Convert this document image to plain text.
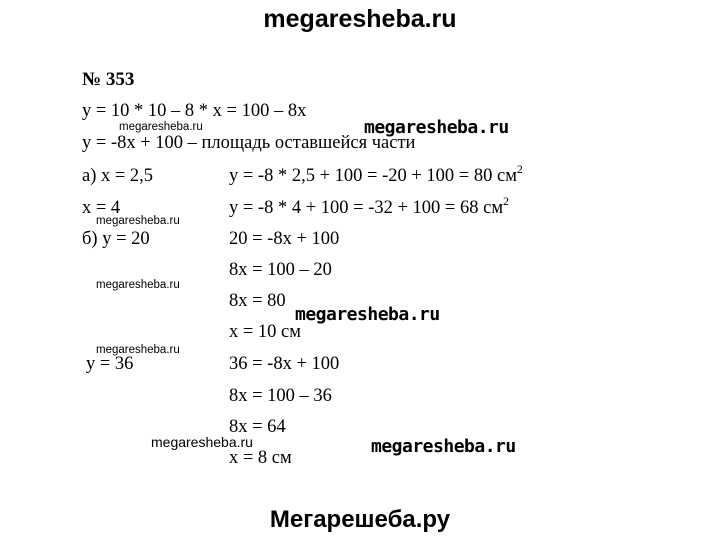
megaresheba.ru
№ 353
y = 10 * 10 – 8 * x = 100 – 8x
y = -8x + 100 – площадь оставшейся части
а) x = 2,5	y = -8 * 2,5 + 100 = -20 + 100 = 80 $см^2$
x = 4	y = -8 * 4 + 100 = -32 + 100 = 68 $см^2$
б) y = 20	20 = -8x + 100
8x = 100 – 20
8x = 80
x = 10 см
y = 36	36 = -8x + 100
8x = 100 – 36
8x = 64
x = 8 см
megaresheba.ru	megaresheba.ru
megaresheba.ru
megaresheba.ru
megaresheba.ru
megaresheba.ru
megaresheba.ru	megaresheba.ru
Мегарешеба.ру
